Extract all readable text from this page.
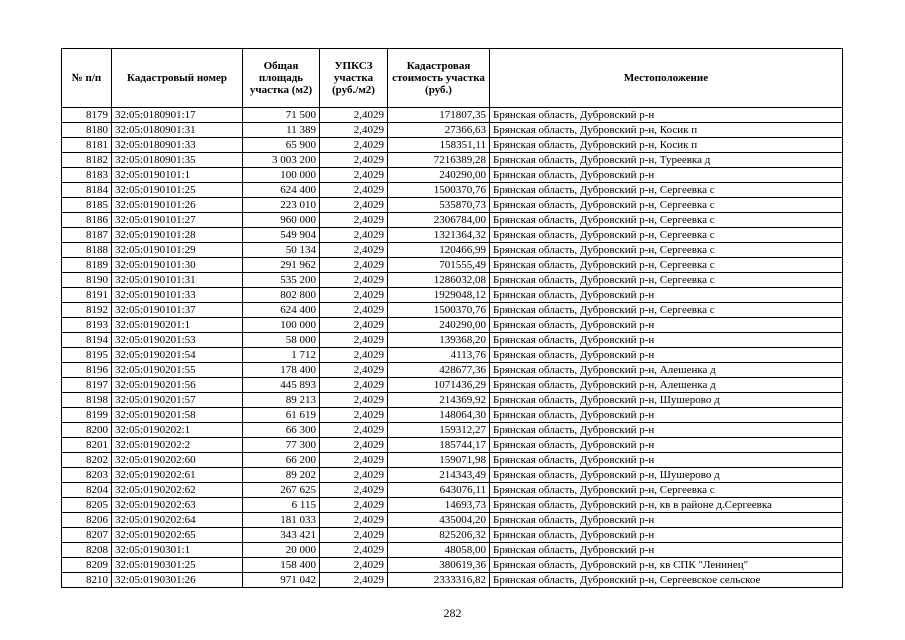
№ п/п	Кадастровый номер	Общая площадь участка (м2)	УПКСЗ участка (руб./м2)	Кадастровая стоимость участка (руб.)	Местоположение
8179	32:05:0180901:17	71 500	2,4029	171807,35	Брянская область, Дубровский р-н
8180	32:05:0180901:31	11 389	2,4029	27366,63	Брянская область, Дубровский р-н, Косик п
8181	32:05:0180901:33	65 900	2,4029	158351,11	Брянская область, Дубровский р-н, Косик п
8182	32:05:0180901:35	3 003 200	2,4029	7216389,28	Брянская область, Дубровский р-н, Туреевка д
8183	32:05:0190101:1	100 000	2,4029	240290,00	Брянская область, Дубровский р-н
8184	32:05:0190101:25	624 400	2,4029	1500370,76	Брянская область, Дубровский р-н, Сергеевка с
8185	32:05:0190101:26	223 010	2,4029	535870,73	Брянская область, Дубровский р-н, Сергеевка с
8186	32:05:0190101:27	960 000	2,4029	2306784,00	Брянская область, Дубровский р-н, Сергеевка с
8187	32:05:0190101:28	549 904	2,4029	1321364,32	Брянская область, Дубровский р-н, Сергеевка с
8188	32:05:0190101:29	50 134	2,4029	120466,99	Брянская область, Дубровский р-н, Сергеевка с
8189	32:05:0190101:30	291 962	2,4029	701555,49	Брянская область, Дубровский р-н, Сергеевка с
8190	32:05:0190101:31	535 200	2,4029	1286032,08	Брянская область, Дубровский р-н, Сергеевка с
8191	32:05:0190101:33	802 800	2,4029	1929048,12	Брянская область, Дубровский р-н
8192	32:05:0190101:37	624 400	2,4029	1500370,76	Брянская область, Дубровский р-н, Сергеевка с
8193	32:05:0190201:1	100 000	2,4029	240290,00	Брянская область, Дубровский р-н
8194	32:05:0190201:53	58 000	2,4029	139368,20	Брянская область, Дубровский р-н
8195	32:05:0190201:54	1 712	2,4029	4113,76	Брянская область, Дубровский р-н
8196	32:05:0190201:55	178 400	2,4029	428677,36	Брянская область, Дубровский р-н, Алешенка д
8197	32:05:0190201:56	445 893	2,4029	1071436,29	Брянская область, Дубровский р-н, Алешенка д
8198	32:05:0190201:57	89 213	2,4029	214369,92	Брянская область, Дубровский р-н, Шушерово д
8199	32:05:0190201:58	61 619	2,4029	148064,30	Брянская область, Дубровский р-н
8200	32:05:0190202:1	66 300	2,4029	159312,27	Брянская область, Дубровский р-н
8201	32:05:0190202:2	77 300	2,4029	185744,17	Брянская область, Дубровский р-н
8202	32:05:0190202:60	66 200	2,4029	159071,98	Брянская область, Дубровский р-н
8203	32:05:0190202:61	89 202	2,4029	214343,49	Брянская область, Дубровский р-н, Шушерово д
8204	32:05:0190202:62	267 625	2,4029	643076,11	Брянская область, Дубровский р-н, Сергеевка с
8205	32:05:0190202:63	6 115	2,4029	14693,73	Брянская область, Дубровский р-н, кв в районе д.Сергеевка
8206	32:05:0190202:64	181 033	2,4029	435004,20	Брянская область, Дубровский р-н
8207	32:05:0190202:65	343 421	2,4029	825206,32	Брянская область, Дубровский р-н
8208	32:05:0190301:1	20 000	2,4029	48058,00	Брянская область, Дубровский р-н
8209	32:05:0190301:25	158 400	2,4029	380619,36	Брянская область, Дубровский р-н, кв СПК "Ленинец"
8210	32:05:0190301:26	971 042	2,4029	2333316,82	Брянская область, Дубровский р-н, Сергеевское сельское
282
